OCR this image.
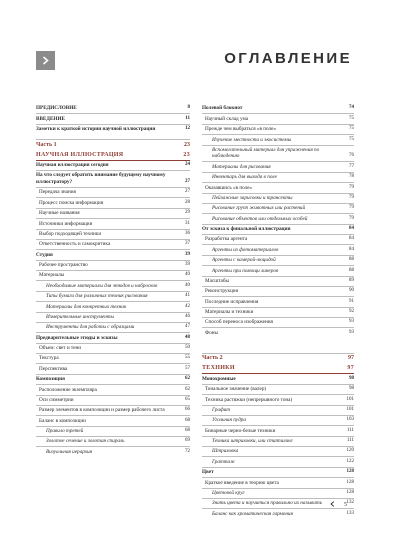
ОГЛАВЛЕНИЕ
ПРЕДИСЛОВИЕ	8
ВВЕДЕНИЕ	11
Заметки к краткой истории научной иллюстрации	12
Часть 1	23
НАУЧНАЯ ИЛЛЮСТРАЦИЯ	23
Научная иллюстрация сегодня	24
На что следует обратить внимание будущему научному иллюстратору?	27
Передача знания	27
Процесс поиска информации	28
Научные названия	29
Источники информации	31
Выбор подходящей техники	36
Ответственность и самокритика	37
Студия	39
Рабочее пространство	39
Материалы	40
Необходимые материалы для этюдов и набросков	40
Типы бумаги для различных техник рисования	41
Материалы для конкретных техник	42
Измерительные инструменты	46
Инструменты для работы с образцами	47
Предварительные этюды и эскизы	48
Объем: свет и тени	50
Текстура	55
Перспектива	57
Композиция	62
Расположение экземпляра	62
Оси симметрии	65
Размер элементов в композиции и размер рабочего листа	66
Баланс в композиции	68
Правило третей	68
Золотое сечение и золотая спираль	69
Визуальная иерархия	72
Полевой блокнот	74
Научный склад ума	75
Прежде чем выбраться «в поле»	75
Изучение местности и экосистемы	75
Вспомогательный материал для упражнения по наблюдению	76
Материалы для рисования	77
Инвентарь для выхода в поле	78
Оказавшись «в поле»	79
Пейзажные зарисовки и трансекты	79
Рисование групп животных или растений	79
Рисование объектов или отдельных особей	79
От эскиза к финальной иллюстрации	84
Разработка аргента	84
Аргенты из фотоматериалов	84
Аргенты с камерой-люцидой	88
Аргенты при помощи линеров	88
Масштабы	89
Реконструкция	90
Последние исправления	91
Материалы и техники	92
Способ переноса изображения	93
Фоны	93
Часть 2	97
ТЕХНИКИ	97
Монохромные	98
Тональное значение (валер)	98
Техника растяжки (непрерывного тона)	101
Графит	101
Угольная пудра	103
Бинарные черно-белые техники	111
Техника штриховки, или стиппилинг	111
Штриховка	120
Граттаж	122
Цвет	128
Краткое введение в теорию цвета	128
Цветовой круг	128
Знать цвета и научиться правильно их называть	132
Баланс как хроматическая гармония	133
5
